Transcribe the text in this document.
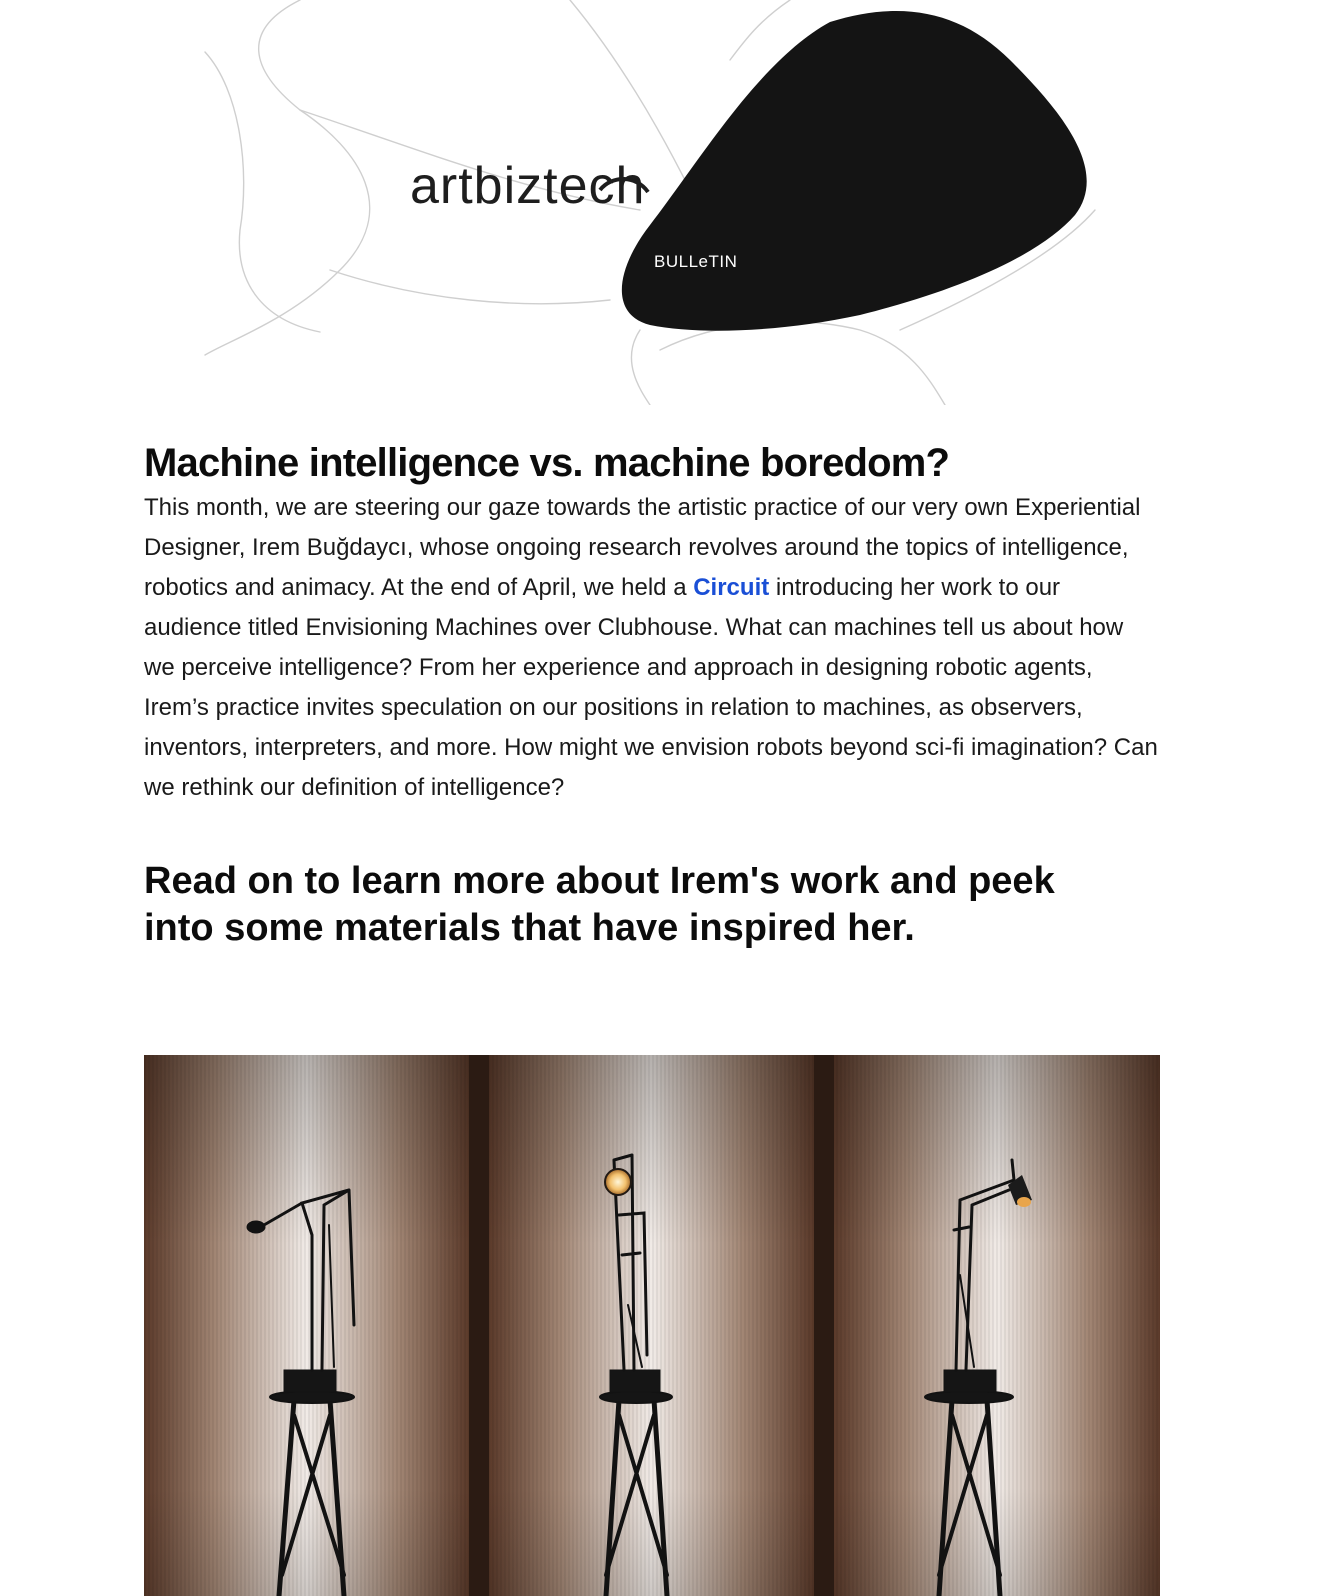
artbiztech
BULLeTIN
Machine intelligence vs. machine boredom?

This month, we are steering our gaze towards the artistic practice of our very own Experiential Designer, Irem Buğdaycı, whose ongoing research revolves around the topics of intelligence, robotics and animacy. At the end of April, we held a Circuit introducing her work to our audience titled Envisioning Machines over Clubhouse. What can machines tell us about how we perceive intelligence? From her experience and approach in designing robotic agents, Irem’s practice invites speculation on our positions in relation to machines, as observers, inventors, interpreters, and more. How might we envision robots beyond sci-fi imagination? Can we rethink our definition of intelligence?

Read on to learn more about Irem's work and peek into some materials that have inspired her.
